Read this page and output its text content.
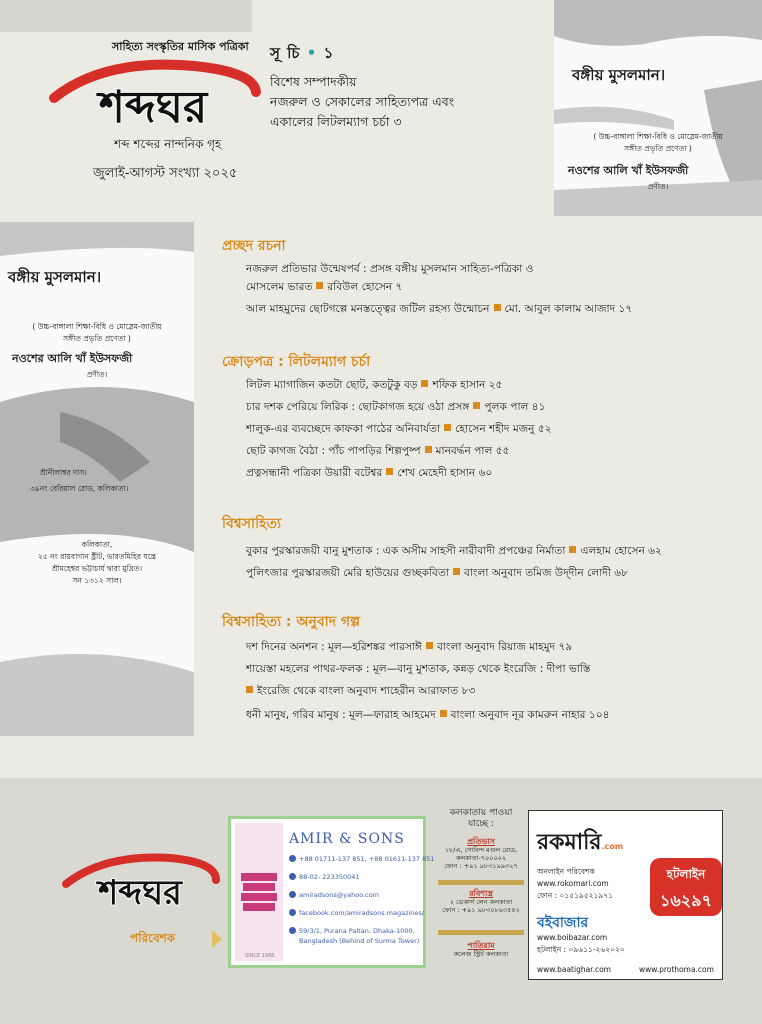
সাহিত্য সংস্কৃতির মাসিক পত্রিকা
শব্দঘর
শব্দ শব্দের নান্দনিক গৃহ
জুলাই-আগস্ট সংখ্যা ২০২৫
সূ চি • ১
বিশেষ সম্পাদকীয়
নজরুল ও সেকালের সাহিত্যপত্র এবং
একালের লিটলম্যাগ চর্চা ৩
বঙ্গীয় মুসলমান।
( উচ্চ-বাঙ্গালা শিক্ষা-বিধি ও মোস্লেম-জাতীয়
সঙ্গীত প্রভৃতি প্রণেতা )
নওশের আলি খাঁ ইউসফজী
প্রণীত।
বঙ্গীয় মুসলমান।
( উচ্চ-বাঙ্গালা শিক্ষা-বিধি ও মোস্লেম-জাতীয়
সঙ্গীত প্রভৃতি প্রণেতা )
নওশের আলি খাঁ ইউসফজী
প্রণীত।
শ্রীনীলাম্বর দাস।
৩৯নং বেরিয়াল রোড, কলিকাতা।
কলিকাতা,
২৫ নং রায়বাগান ষ্ট্রীট, ভারতমিহির যন্ত্রে
শ্রীমহেশ্বর ভট্টাচার্য দ্বারা মুদ্রিত।
সন ১৩১২ সাল।
প্রচ্ছদ রচনা
নজরুল প্রতিভার উন্মেষপর্ব : প্রসঙ্গ বঙ্গীয় মুসলমান সাহিত্য-পত্রিকা ও
মোসলেম ভারত রবিউল হোসেন ৭
আল মাহমুদের ছোটগল্পে মনস্তত্ত্বের জটিল রহস্য উন্মোচন মো. আবুল কালাম আজাদ ১৭
ক্রোড়পত্র : লিটলম্যাগ চর্চা
লিটল ম্যাগাজিন কতটা ছোট, কতটুকু বড় শফিক হাসান ২৫
চার দশক পেরিয়ে লিরিক : ছোটকাগজ হয়ে ওঠা প্রসঙ্গ পুলক পাল ৪১
শালুক-এর ব্যবচ্ছেদে কাফকা পাঠের অনিবার্যতা হোসেন শহীদ মজনু ৫২
ছোট কাগজ বৈঠা : পাঁচ পাপড়ির শিল্পপুষ্প মানবর্দ্ধন পাল ৫৫
প্রত্নসন্ধানী পত্রিকা উয়ারী বটেশ্বর শেখ মেহেদী হাসান ৬০
বিশ্বসাহিত্য
বুকার পুরস্কারজয়ী বানু মুশতাক : এক অসীম সাহসী নারীবাদী প্রপঞ্চের নির্মাতা এলহাম হোসেন ৬২
পুলিৎজার পুরস্কারজয়ী মেরি হাউয়ের গুচ্ছকবিতা বাংলা অনুবাদ তমিজ উদ্‌দীন লোদী ৬৮
বিশ্বসাহিত্য : অনুবাদ গল্প
দশ দিনের অনশন : মূল—হরিশঙ্কর পারসাঈ বাংলা অনুবাদ রিয়াজ মাহমুদ ৭৯
শায়েস্তা মহলের পাথর-ফলক : মূল—বানু মুশতাক, কন্নড় থেকে ইংরেজি : দীপা ভাস্তি
ইংরেজি থেকে বাংলা অনুবাদ শাহেরীন আরাফাত ৮৩
ধনী মানুষ, গরিব মানুষ : মূল—ফারাহ আহমেদ বাংলা অনুবাদ নূর কামরুন নাহার ১০৪
শব্দঘর
পরিবেশক
AMIR & SONS
+88 01711-137 851, +88 01611-137 851
88-02- 223350041
amiradsons@yahoo.com
facebook.com/amiradsons.magazines/
59/3/1, Purana Paltan, Dhaka-1000,
Bangladesh (Behind of Surma Tower)
SINCE 1988
কলকাতায় পাওয়া যাচ্ছে :
প্রতিভাস
১৮/এ, গোবিন্দ মণ্ডল রোড, কলকাতা-৭০০০০২
ফোন : +৯১ ৯৮৩১৯৯৩২৭
রবিশাস্ত্র
২ ডেকার্স লেন কলকাতা
ফোন : +৯১ ৯৮৩০৮৯৩৫৪২
পাতিরাম
কলেজ স্ট্রিট কলকাতা
রকমারি.com
অনলাইন পরিবেশক
www.rokomari.com
ফোন : ০১৫১৯৫২১৯৭১
বইবাজার
www.boibazar.com
হটলাইন : ০৯৬১১-২৬২০২০
www.baatighar.com	www.prothoma.com
হটলাইন
১৬২৯৭
